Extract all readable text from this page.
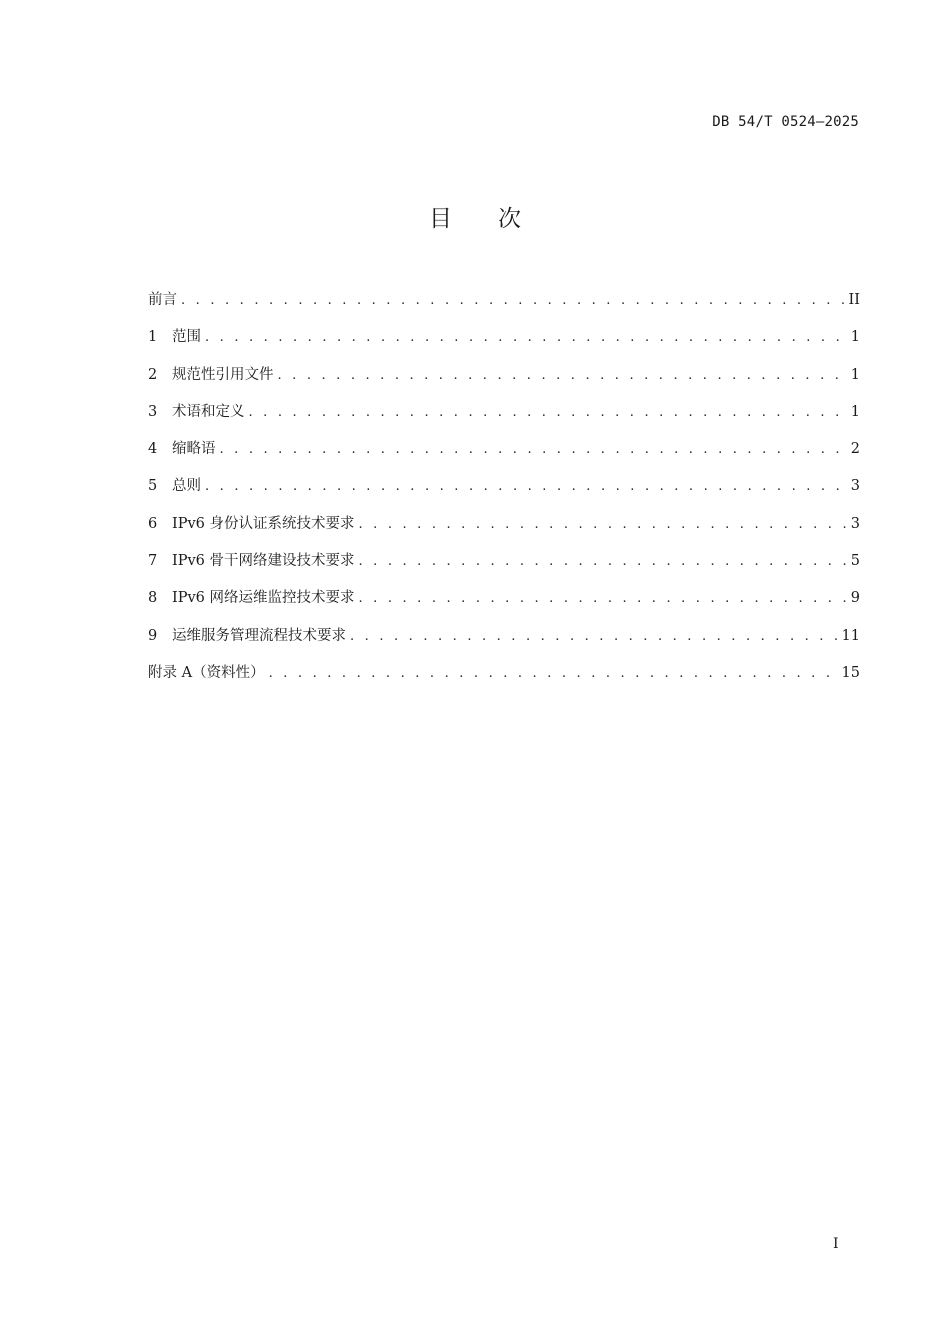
DB 54/T 0524—2025
目　　次
前言 . . .	II
1	范围 . . .	1
2	规范性引用文件 . . .	1
3	术语和定义 . . .	1
4	缩略语 . . .	2
5	总则 . . .	3
6	IPv6 身份认证系统技术要求 . . .	3
7	IPv6 骨干网络建设技术要求 . . .	5
8	IPv6 网络运维监控技术要求 . . .	9
9	运维服务管理流程技术要求 . . .	11
附录 A（资料性） . . .	15
I
